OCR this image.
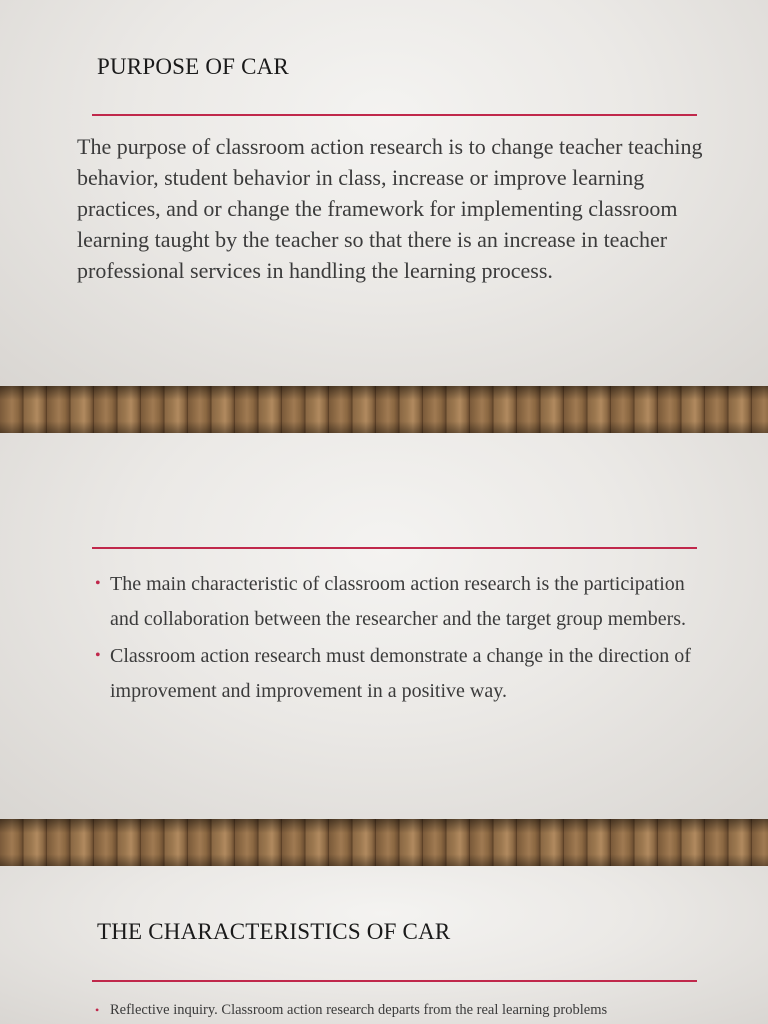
PURPOSE OF CAR

The purpose of classroom action research is to change teacher teaching behavior, student behavior in class, increase or improve learning practices, and or change the framework for implementing classroom learning taught by the teacher so that there is an increase in teacher professional services in handling the learning process.

• The main characteristic of classroom action research is the participation and collaboration between the researcher and the target group members.
• Classroom action research must demonstrate a change in the direction of improvement and improvement in a positive way.
THE CHARACTERISTICS OF CAR
• Reflective inquiry. Classroom action research departs from the real learning problems
